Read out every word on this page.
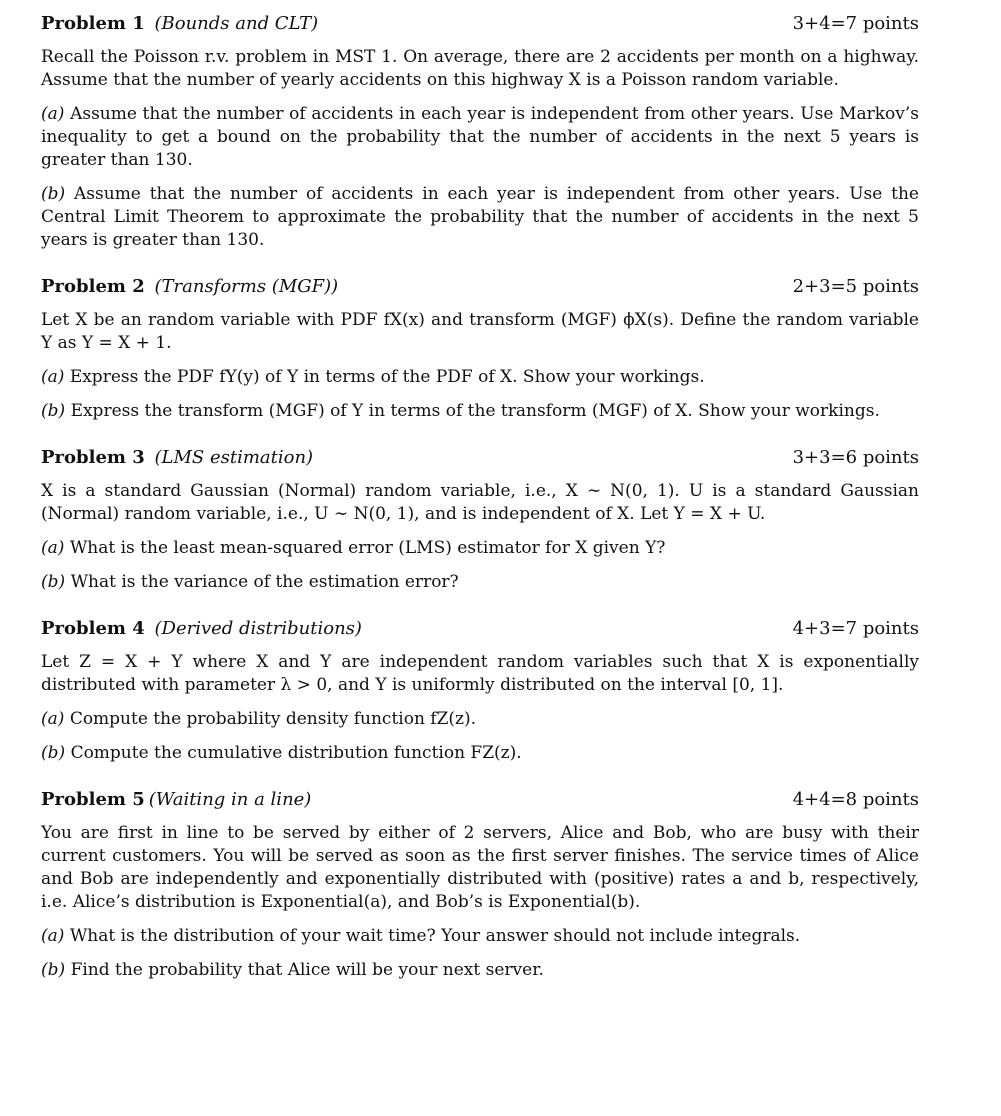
Problem 1 (Bounds and CLT)	3+4=7 points

Recall the Poisson r.v. problem in MST 1. On average, there are 2 accidents per month on a highway. Assume that the number of yearly accidents on this highway X is a Poisson random variable.

(a) Assume that the number of accidents in each year is independent from other years. Use Markov’s inequality to get a bound on the probability that the number of accidents in the next 5 years is greater than 130.

(b) Assume that the number of accidents in each year is independent from other years. Use the Central Limit Theorem to approximate the probability that the number of accidents in the next 5 years is greater than 130.

Problem 2 (Transforms (MGF))	2+3=5 points

Let X be an random variable with PDF fX(x) and transform (MGF) ϕX(s). Define the random variable Y as Y = X + 1.

(a) Express the PDF fY(y) of Y in terms of the PDF of X. Show your workings.

(b) Express the transform (MGF) of Y in terms of the transform (MGF) of X. Show your workings.

Problem 3 (LMS estimation)	3+3=6 points

X is a standard Gaussian (Normal) random variable, i.e., X ∼ N(0, 1). U is a standard Gaussian (Normal) random variable, i.e., U ∼ N(0, 1), and is independent of X. Let Y = X + U.

(a) What is the least mean-squared error (LMS) estimator for X given Y?

(b) What is the variance of the estimation error?

Problem 4 (Derived distributions)	4+3=7 points

Let Z = X + Y where X and Y are independent random variables such that X is exponentially distributed with parameter λ > 0, and Y is uniformly distributed on the interval [0, 1].

(a) Compute the probability density function fZ(z).

(b) Compute the cumulative distribution function FZ(z).

Problem 5 (Waiting in a line)	4+4=8 points

You are first in line to be served by either of 2 servers, Alice and Bob, who are busy with their current customers. You will be served as soon as the first server finishes. The service times of Alice and Bob are independently and exponentially distributed with (positive) rates a and b, respectively, i.e. Alice’s distribution is Exponential(a), and Bob’s is Exponential(b).

(a) What is the distribution of your wait time? Your answer should not include integrals.

(b) Find the probability that Alice will be your next server.
